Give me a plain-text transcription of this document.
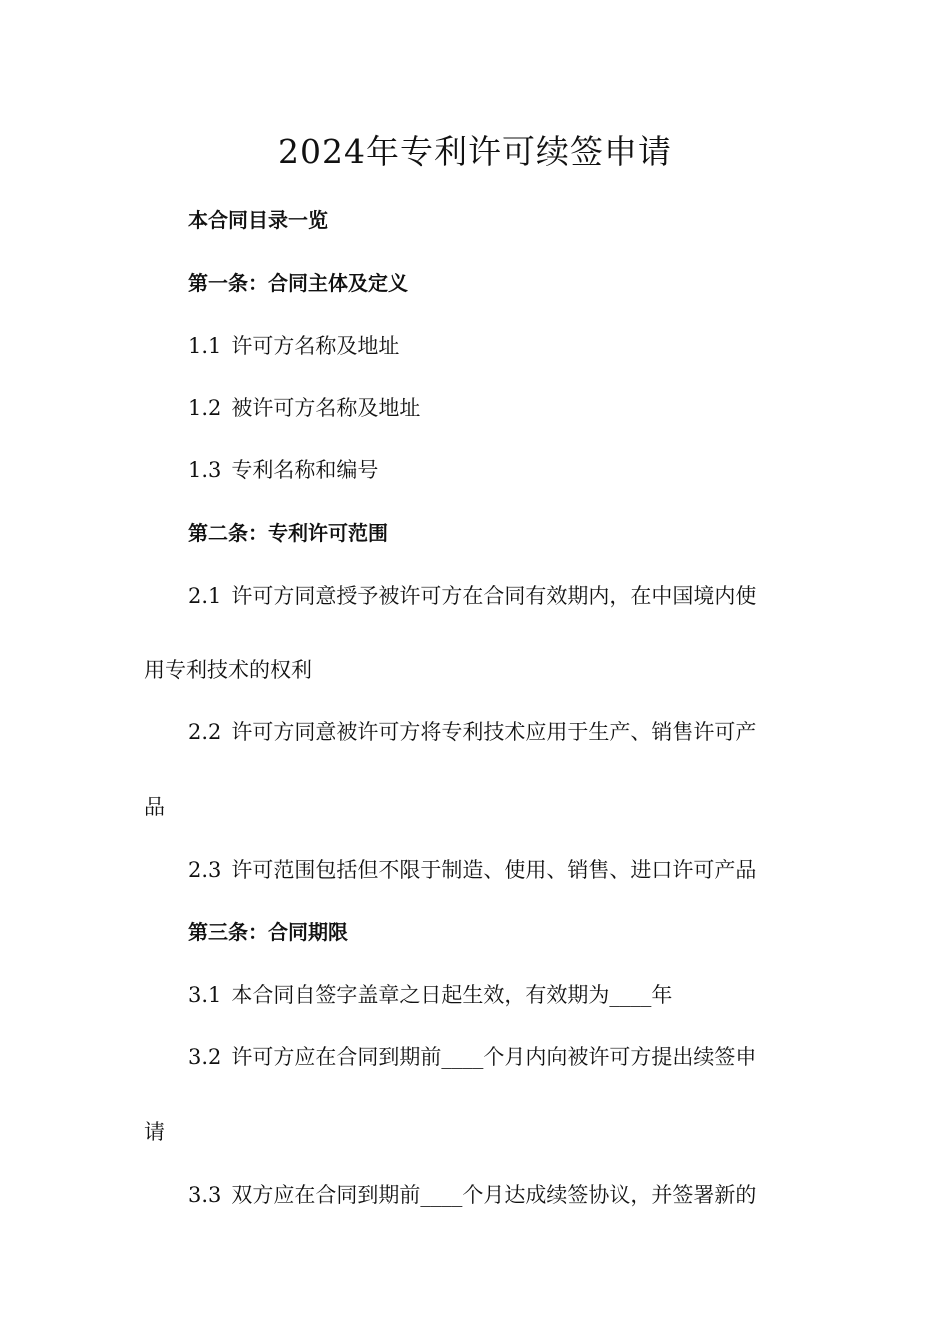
2024年专利许可续签申请
本合同目录一览
第一条：合同主体及定义
1.1 许可方名称及地址
1.2 被许可方名称及地址
1.3 专利名称和编号
第二条：专利许可范围
2.1 许可方同意授予被许可方在合同有效期内，在中国境内使
用专利技术的权利
2.2 许可方同意被许可方将专利技术应用于生产、销售许可产
品
2.3 许可范围包括但不限于制造、使用、销售、进口许可产品
第三条：合同期限
3.1 本合同自签字盖章之日起生效，有效期为____年
3.2 许可方应在合同到期前____个月内向被许可方提出续签申
请
3.3 双方应在合同到期前____个月达成续签协议，并签署新的
